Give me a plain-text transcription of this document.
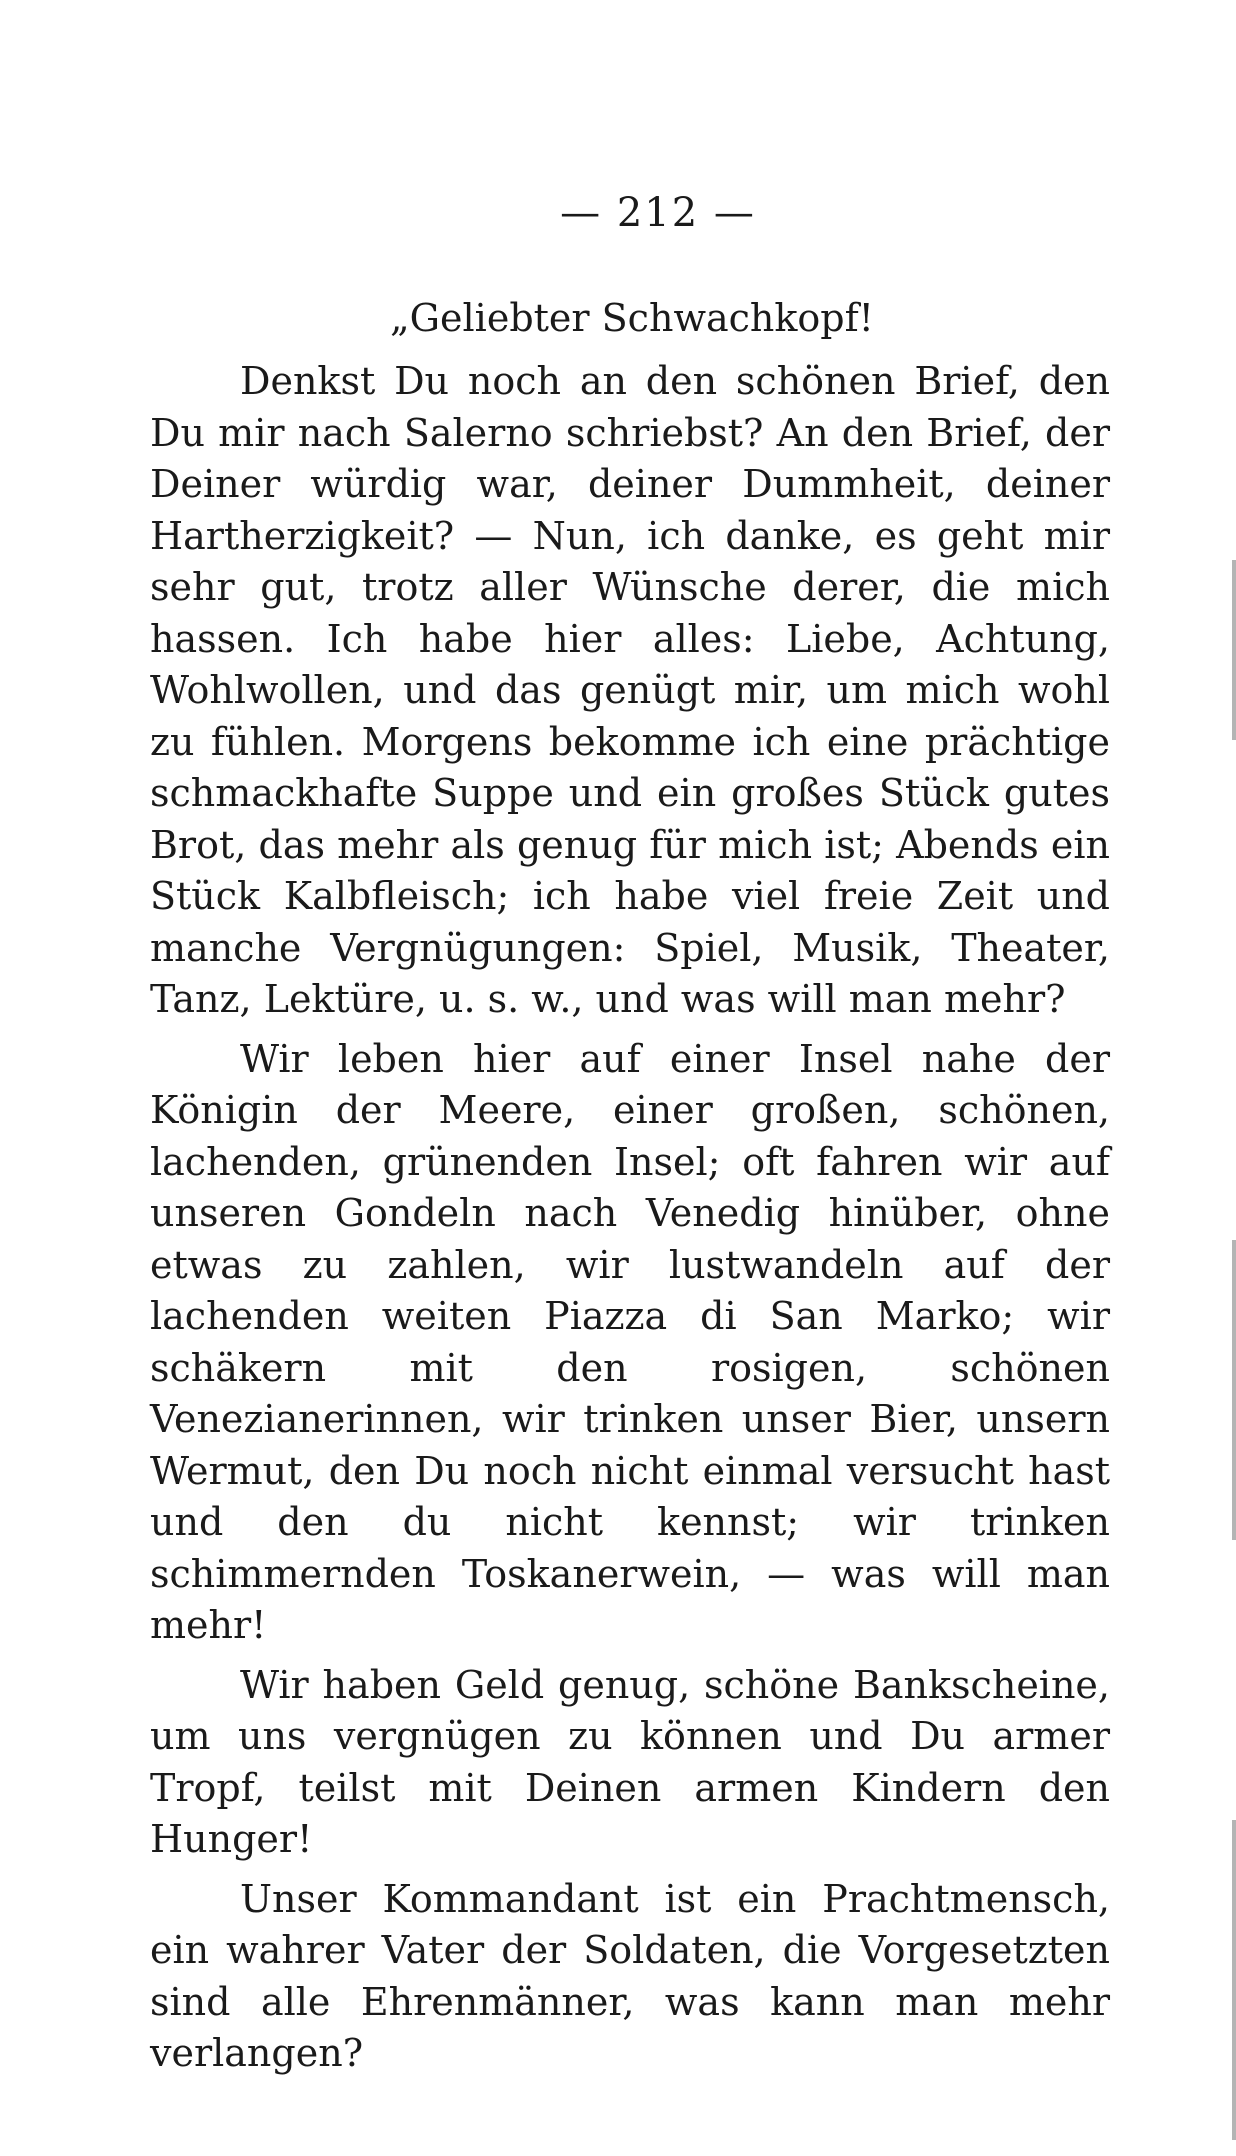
— 212 —

„Geliebter Schwachkopf!

Denkst Du noch an den schönen Brief, den Du mir nach Salerno schriebst? An den Brief, der Deiner würdig war, deiner Dummheit, deiner Hartherzigkeit? — Nun, ich danke, es geht mir sehr gut, trotz aller Wünsche derer, die mich hassen. Ich habe hier alles: Liebe, Achtung, Wohlwollen, und das genügt mir, um mich wohl zu fühlen. Morgens bekomme ich eine prächtige schmackhafte Suppe und ein großes Stück gutes Brot, das mehr als genug für mich ist; Abends ein Stück Kalbfleisch; ich habe viel freie Zeit und manche Vergnügungen: Spiel, Musik, Theater, Tanz, Lektüre, u. s. w., und was will man mehr?

Wir leben hier auf einer Insel nahe der Königin der Meere, einer großen, schönen, lachenden, grünenden Insel; oft fahren wir auf unseren Gondeln nach Venedig hinüber, ohne etwas zu zahlen, wir lustwandeln auf der lachenden weiten Piazza di San Marko; wir schäkern mit den rosigen, schönen Venezianerinnen, wir trinken unser Bier, unsern Wermut, den Du noch nicht einmal versucht hast und den du nicht kennst; wir trinken schimmernden Toskanerwein, — was will man mehr!

Wir haben Geld genug, schöne Bankscheine, um uns vergnügen zu können und Du armer Tropf, teilst mit Deinen armen Kindern den Hunger!

Unser Kommandant ist ein Prachtmensch, ein wahrer Vater der Soldaten, die Vorgesetzten sind alle Ehrenmänner, was kann man mehr verlangen?
